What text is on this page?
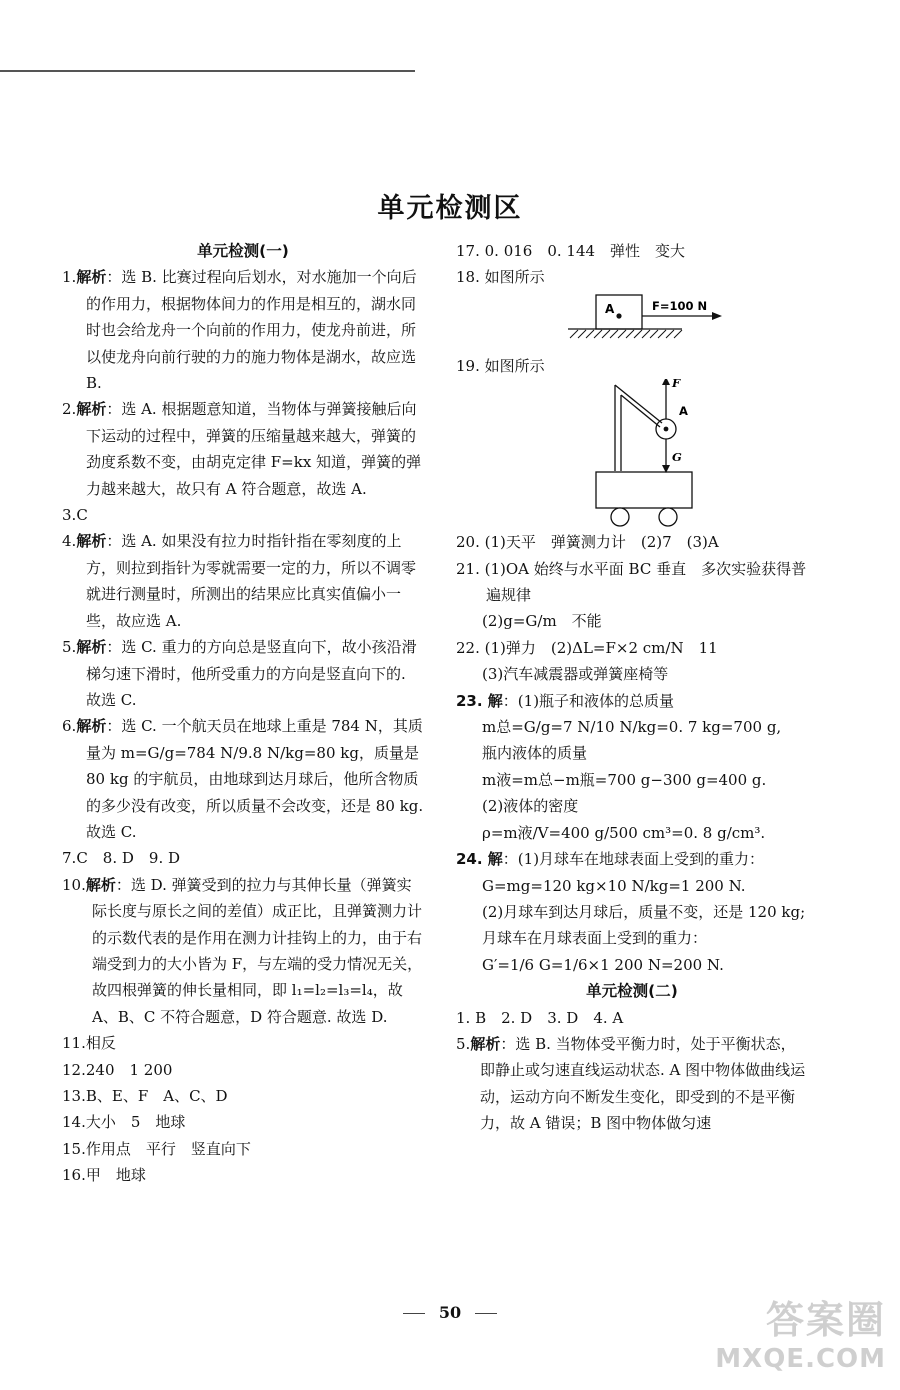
单元检测区
单元检测(一)
1.解析：选 B. 比赛过程向后划水，对水施加一个向后的作用力，根据物体间力的作用是相互的，湖水同时也会给龙舟一个向前的作用力，使龙舟前进，所以使龙舟向前行驶的力的施力物体是湖水，故应选 B.
2.解析：选 A. 根据题意知道，当物体与弹簧接触后向下运动的过程中，弹簧的压缩量越来越大，弹簧的劲度系数不变，由胡克定律 F=kx 知道，弹簧的弹力越来越大，故只有 A 符合题意，故选 A.
3.C
4.解析：选 A. 如果没有拉力时指针指在零刻度的上方，则拉到指针为零就需要一定的力，所以不调零就进行测量时，所测出的结果应比真实值偏小一些，故应选 A.
5.解析：选 C. 重力的方向总是竖直向下，故小孩沿滑梯匀速下滑时，他所受重力的方向是竖直向下的. 故选 C.
6.解析：选 C. 一个航天员在地球上重是 784 N，其质量为 m=G/g=784 N/9.8 N/kg=80 kg，质量是 80 kg 的宇航员，由地球到达月球后，他所含物质的多少没有改变，所以质量不会改变，还是 80 kg. 故选 C.
7.C　8. D　9. D
10.解析：选 D. 弹簧受到的拉力与其伸长量（弹簧实际长度与原长之间的差值）成正比，且弹簧测力计的示数代表的是作用在测力计挂钩上的力，由于右端受到力的大小皆为 F，与左端的受力情况无关，故四根弹簧的伸长量相同，即 l₁=l₂=l₃=l₄，故 A、B、C 不符合题意，D 符合题意. 故选 D.
11.相反
12.240　1 200
13.B、E、F　A、C、D
14.大小　5　地球
15.作用点　平行　竖直向下
16.甲　地球
17. 0. 016　0. 144　弹性　变大
18. 如图所示
A	F=100 N
19. 如图所示
F
A
G
20. (1)天平　弹簧测力计　(2)7　(3)A
21. (1)OA 始终与水平面 BC 垂直　多次实验获得普遍规律
(2)g=G/m　不能
22. (1)弹力　(2)ΔL=F×2 cm/N　11
(3)汽车减震器或弹簧座椅等
23. 解：(1)瓶子和液体的总质量
m总=G/g=7 N/10 N/kg=0. 7 kg=700 g,
瓶内液体的质量
m液=m总−m瓶=700 g−300 g=400 g.
(2)液体的密度
ρ=m液/V=400 g/500 cm³=0. 8 g/cm³.
24. 解：(1)月球车在地球表面上受到的重力：
G=mg=120 kg×10 N/kg=1 200 N.
(2)月球车到达月球后，质量不变，还是 120 kg;
月球车在月球表面上受到的重力：
G′=1/6 G=1/6×1 200 N=200 N.
单元检测(二)
1. B　2. D　3. D　4. A
5.解析：选 B. 当物体受平衡力时，处于平衡状态，即静止或匀速直线运动状态. A 图中物体做曲线运动，运动方向不断发生变化，即受到的不是平衡力，故 A 错误；B 图中物体做匀速
50	答案圈
MXQE.COM
